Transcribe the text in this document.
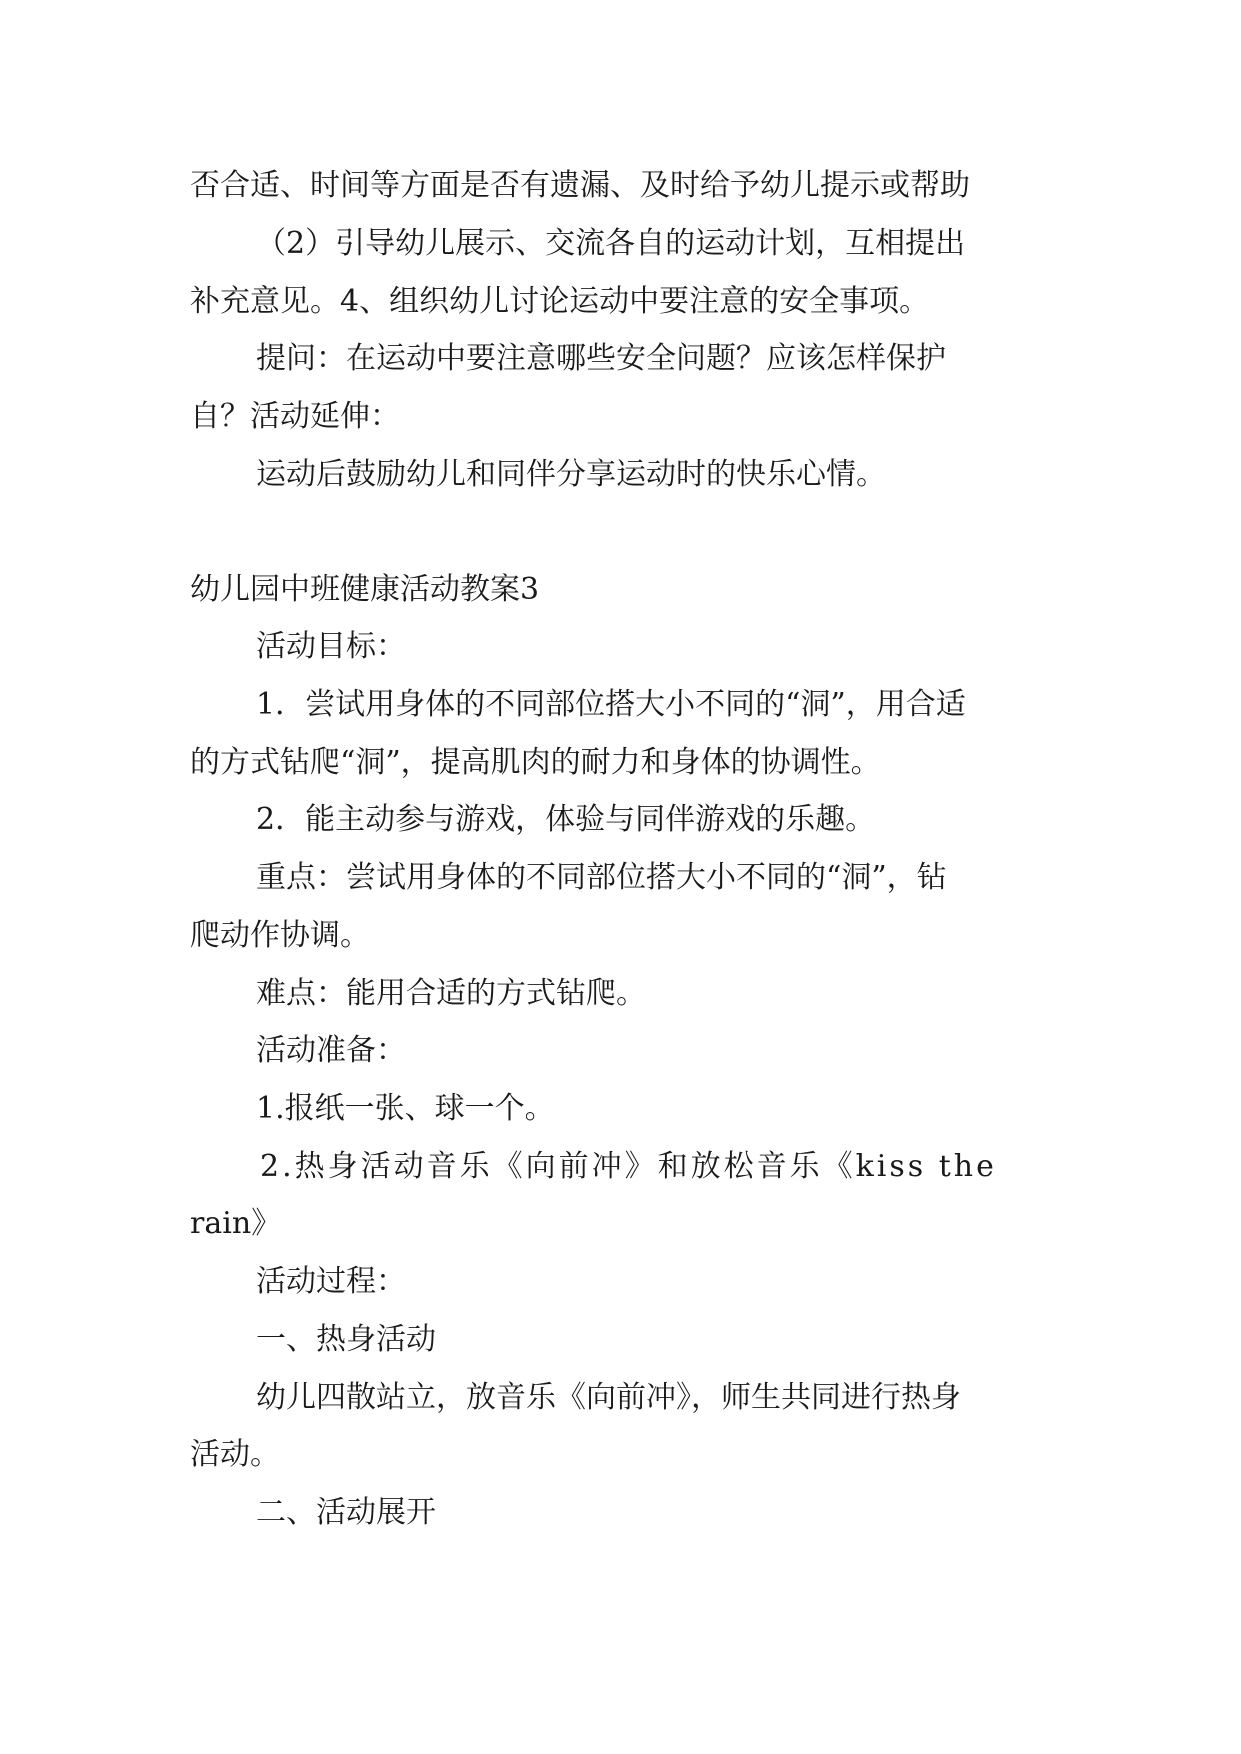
否合适、时间等方面是否有遗漏、及时给予幼儿提示或帮助
（2）引导幼儿展示、交流各自的运动计划，互相提出
补充意见。4、组织幼儿讨论运动中要注意的安全事项。
提问：在运动中要注意哪些安全问题？应该怎样保护
自？活动延伸：
运动后鼓励幼儿和同伴分享运动时的快乐心情。
幼儿园中班健康活动教案3
活动目标：
1．尝试用身体的不同部位搭大小不同的“洞”，用合适
的方式钻爬“洞”，提高肌肉的耐力和身体的协调性。
2．能主动参与游戏，体验与同伴游戏的乐趣。
重点：尝试用身体的不同部位搭大小不同的“洞”，钻
爬动作协调。
难点：能用合适的方式钻爬。
活动准备：
1.报纸一张、球一个。
2.热身活动音乐《向前冲》和放松音乐《kiss the
rain》
活动过程：
一、热身活动
幼儿四散站立，放音乐《向前冲》，师生共同进行热身
活动。
二、活动展开
